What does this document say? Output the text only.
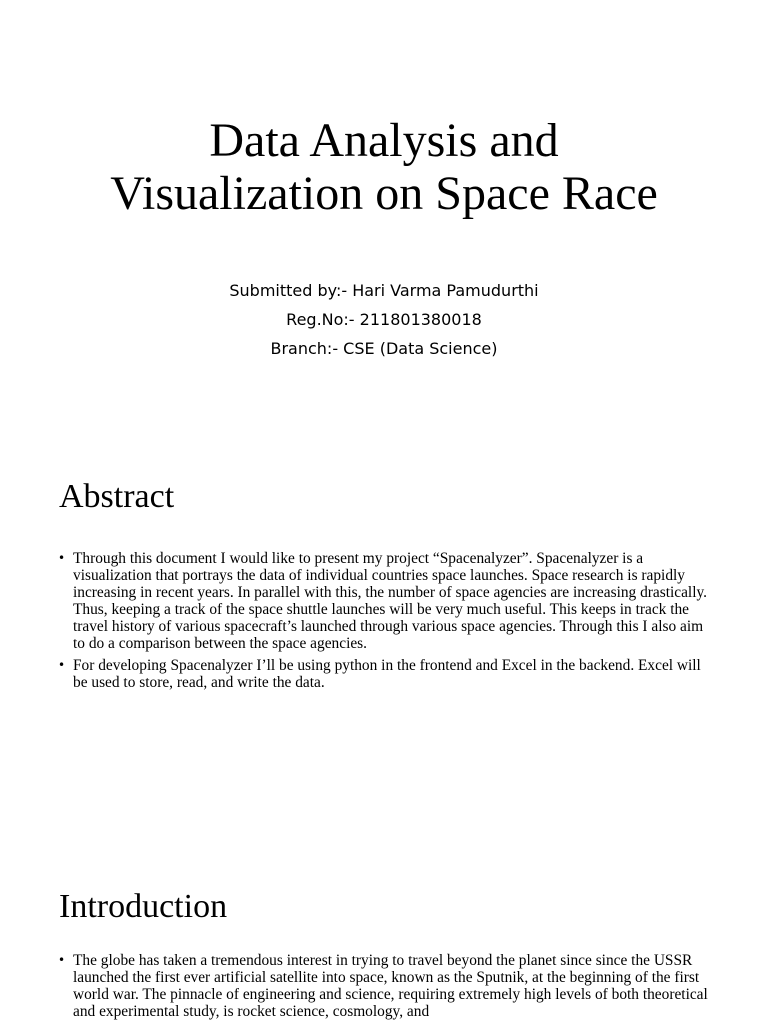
Data Analysis and
Visualization on Space Race
Submitted by:- Hari Varma Pamudurthi
Reg.No:- 211801380018
Branch:- CSE (Data Science)
Abstract
• Through this document I would like to present my project “Spacenalyzer”. Spacenalyzer is a visualization that portrays the data of individual countries space launches. Space research is rapidly increasing in recent years. In parallel with this, the number of space agencies are increasing drastically. Thus, keeping a track of the space shuttle launches will be very much useful. This keeps in track the travel history of various spacecraft’s launched through various space agencies. Through this I also aim to do a comparison between the space agencies.
• For developing Spacenalyzer I’ll be using python in the frontend and Excel in the backend. Excel will be used to store, read, and write the data.
Introduction
• The globe has taken a tremendous interest in trying to travel beyond the planet since since the USSR launched the first ever artificial satellite into space, known as the Sputnik, at the beginning of the first world war. The pinnacle of engineering and science, requiring extremely high levels of both theoretical and experimental study, is rocket science, cosmology, and
